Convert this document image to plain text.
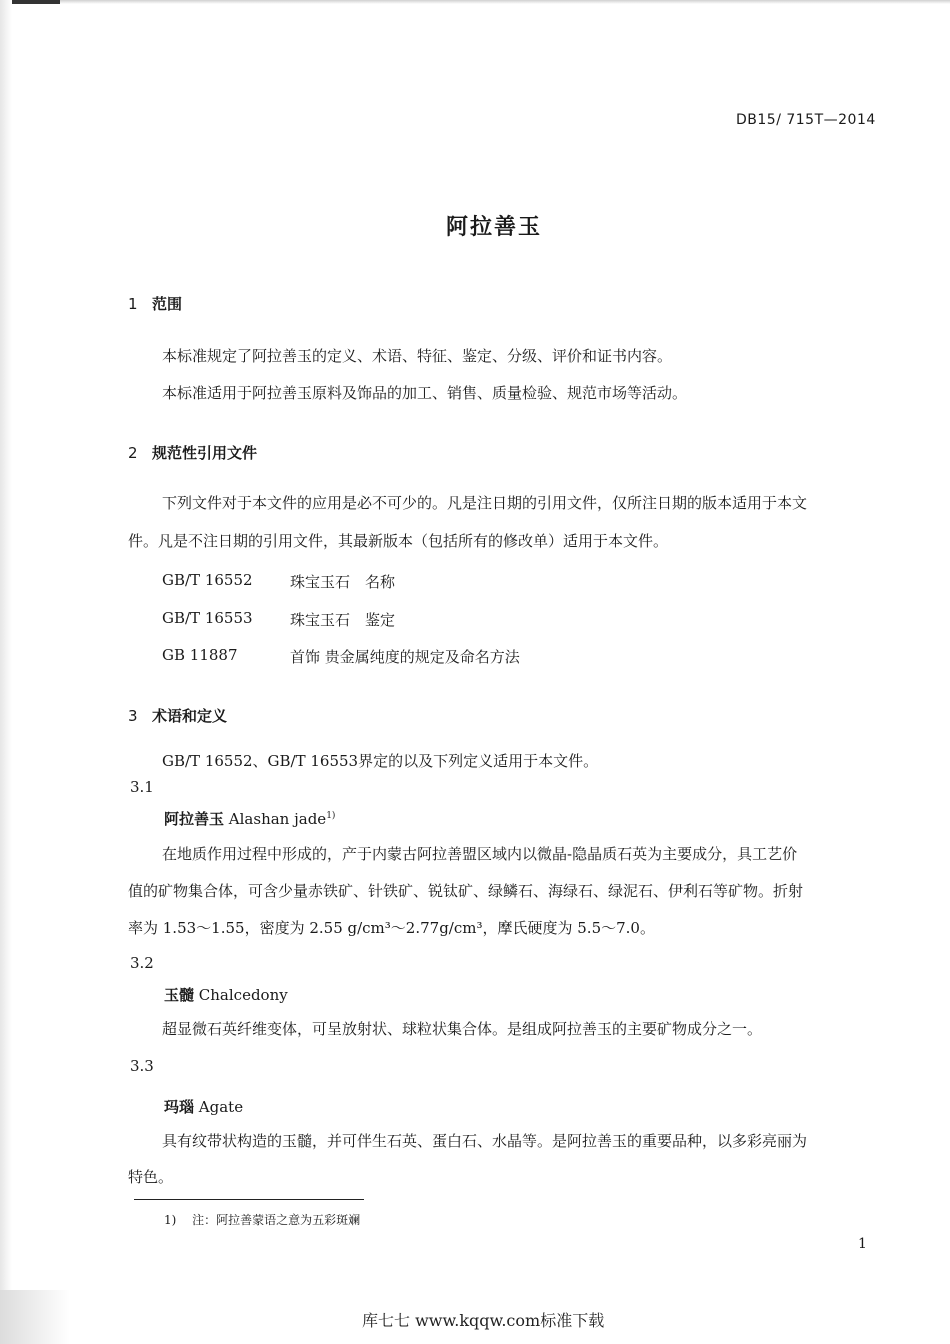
DB15/ 715T—2014
阿拉善玉
1 范围
本标准规定了阿拉善玉的定义、术语、特征、鉴定、分级、评价和证书内容。
本标准适用于阿拉善玉原料及饰品的加工、销售、质量检验、规范市场等活动。
2 规范性引用文件
下列文件对于本文件的应用是必不可少的。凡是注日期的引用文件，仅所注日期的版本适用于本文
件。凡是不注日期的引用文件，其最新版本（包括所有的修改单）适用于本文件。
GB/T 16552 珠宝玉石　名称
GB/T 16553 珠宝玉石　鉴定
GB 11887	首饰 贵金属纯度的规定及命名方法
3 术语和定义
GB/T 16552、GB/T 16553界定的以及下列定义适用于本文件。
3.1
阿拉善玉 Alashan jade$^{1)}$
在地质作用过程中形成的，产于内蒙古阿拉善盟区域内以微晶-隐晶质石英为主要成分，具工艺价
值的矿物集合体，可含少量赤铁矿、针铁矿、锐钛矿、绿鳞石、海绿石、绿泥石、伊利石等矿物。折射
率为 1.53～1.55，密度为 2.55 g/cm³～2.77g/cm³，摩氏硬度为 5.5～7.0。
3.2
玉髓 Chalcedony
超显微石英纤维变体，可呈放射状、球粒状集合体。是组成阿拉善玉的主要矿物成分之一。
3.3
玛瑙 Agate
具有纹带状构造的玉髓，并可伴生石英、蛋白石、水晶等。是阿拉善玉的重要品种，以多彩亮丽为
特色。
1) 注：阿拉善蒙语之意为五彩斑斓
1
库七七 www.kqqw.com标准下载
